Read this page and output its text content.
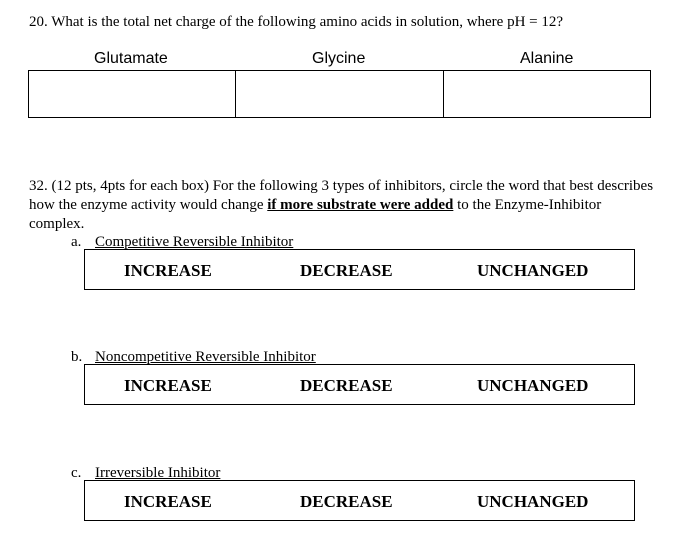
20. What is the total net charge of the following amino acids in solution, where pH = 12?
Glutamate	Glycine	Alanine
32. (12 pts, 4pts for each box) For the following 3 types of inhibitors, circle the word that best describes how the enzyme activity would change if more substrate were added to the Enzyme-Inhibitor complex.
a. Competitive Reversible Inhibitor
INCREASE	DECREASE	UNCHANGED
b. Noncompetitive Reversible Inhibitor
INCREASE	DECREASE	UNCHANGED
c. Irreversible Inhibitor
INCREASE	DECREASE	UNCHANGED
